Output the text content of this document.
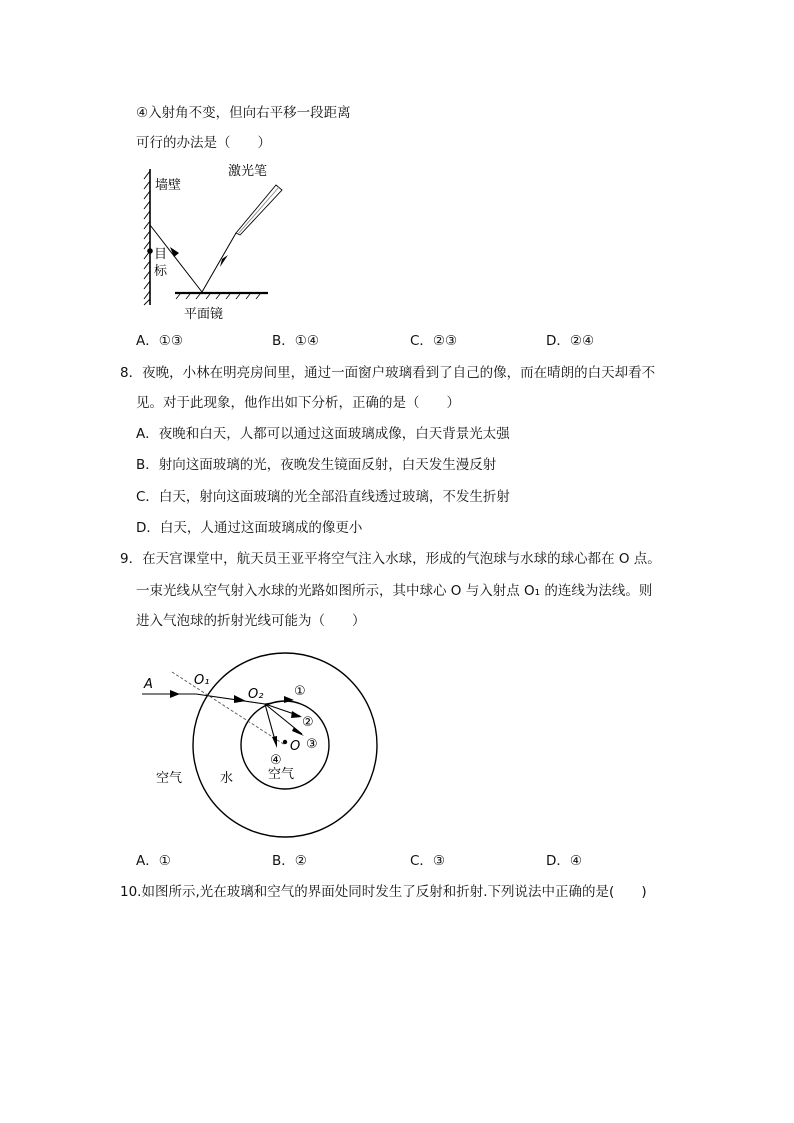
④入射角不变，但向右平移一段距离
可行的办法是（　　）
墙壁
激光笔
目
标
平面镜
A．①③	B．①④	C．②③	D．②④
8．夜晚，小林在明亮房间里，通过一面窗户玻璃看到了自己的像，而在晴朗的白天却看不
见。对于此现象，他作出如下分析，正确的是（　　）
A．夜晚和白天，人都可以通过这面玻璃成像，白天背景光太强
B．射向这面玻璃的光，夜晚发生镜面反射，白天发生漫反射
C．白天，射向这面玻璃的光全部沿直线透过玻璃，不发生折射
D．白天，人通过这面玻璃成的像更小
9．在天宫课堂中，航天员王亚平将空气注入水球，形成的气泡球与水球的球心都在 O 点。
一束光线从空气射入水球的光路如图所示，其中球心 O 与入射点 O₁ 的连线为法线。则
进入气泡球的折射光线可能为（　　）
A	O₁
O₂
O
①
②
③
④
空气	水	空气
A．①	B．②	C．③	D．④
10.如图所示,光在玻璃和空气的界面处同时发生了反射和折射.下列说法中正确的是(　　)
